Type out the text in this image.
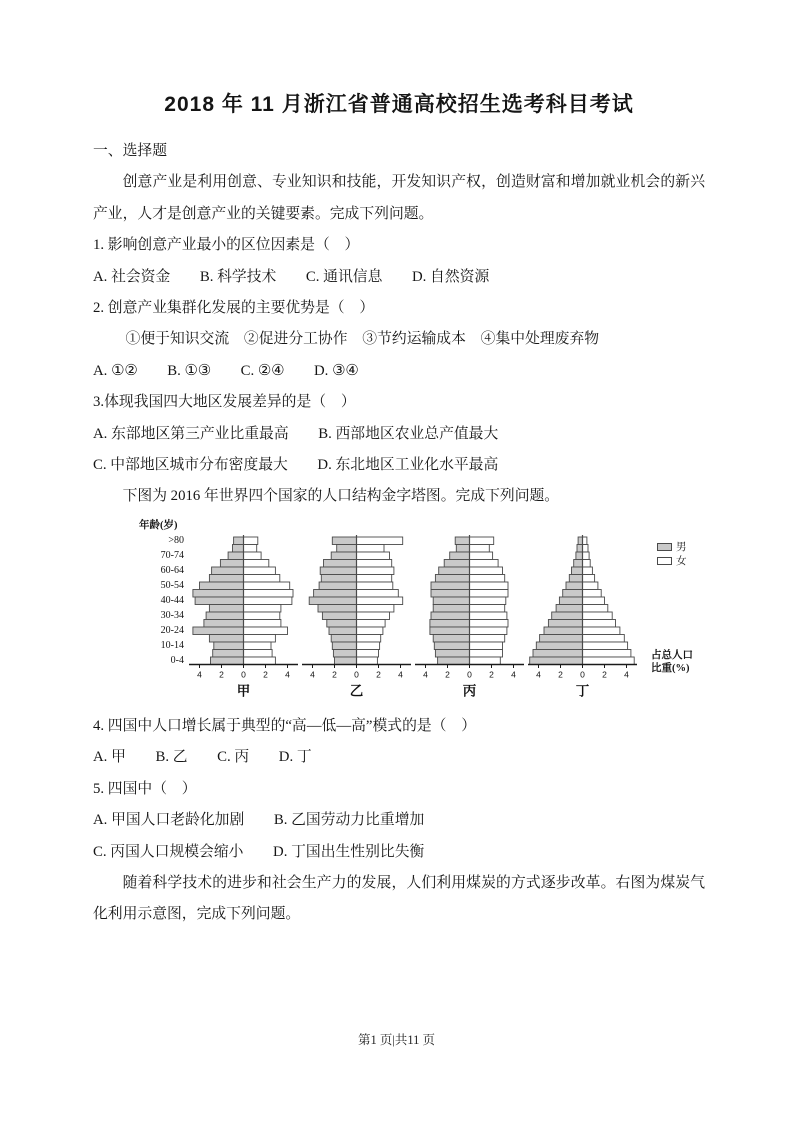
2018 年 11 月浙江省普通高校招生选考科目考试
一、选择题
创意产业是利用创意、专业知识和技能，开发知识产权，创造财富和增加就业机会的新兴产业，人才是创意产业的关键要素。完成下列问题。
1. 影响创意产业最小的区位因素是（　）
A. 社会资金　　B. 科学技术　　C. 通讯信息　　D. 自然资源
2. 创意产业集群化发展的主要优势是（　）
①便于知识交流　②促进分工协作　③节约运输成本　④集中处理废弃物
A. ①②　　B. ①③　　C. ②④　　D. ③④
3.体现我国四大地区发展差异的是（　）
A. 东部地区第三产业比重最高　　B. 西部地区农业总产值最大
C. 中部地区城市分布密度最大　　D. 东北地区工业化水平最高
下图为 2016 年世界四个国家的人口结构金字塔图。完成下列问题。
年龄(岁)
>80
70-74
60-64
50-54
40-44
30-34
20-24
10-14
0-4
4 2 0 2 4
甲
4 2 0 2 4
乙
4 2 0 2 4
丙
4 2 0 2 4
丁
男
女
占总人口
比重(%)
4. 四国中人口增长属于典型的“高—低—高”模式的是（　）
A. 甲　　B. 乙　　C. 丙　　D. 丁
5. 四国中（　）
A. 甲国人口老龄化加剧　　B. 乙国劳动力比重增加
C. 丙国人口规模会缩小　　D. 丁国出生性别比失衡
随着科学技术的进步和社会生产力的发展，人们利用煤炭的方式逐步改革。右图为煤炭气化利用示意图，完成下列问题。
第1 页|共11 页
